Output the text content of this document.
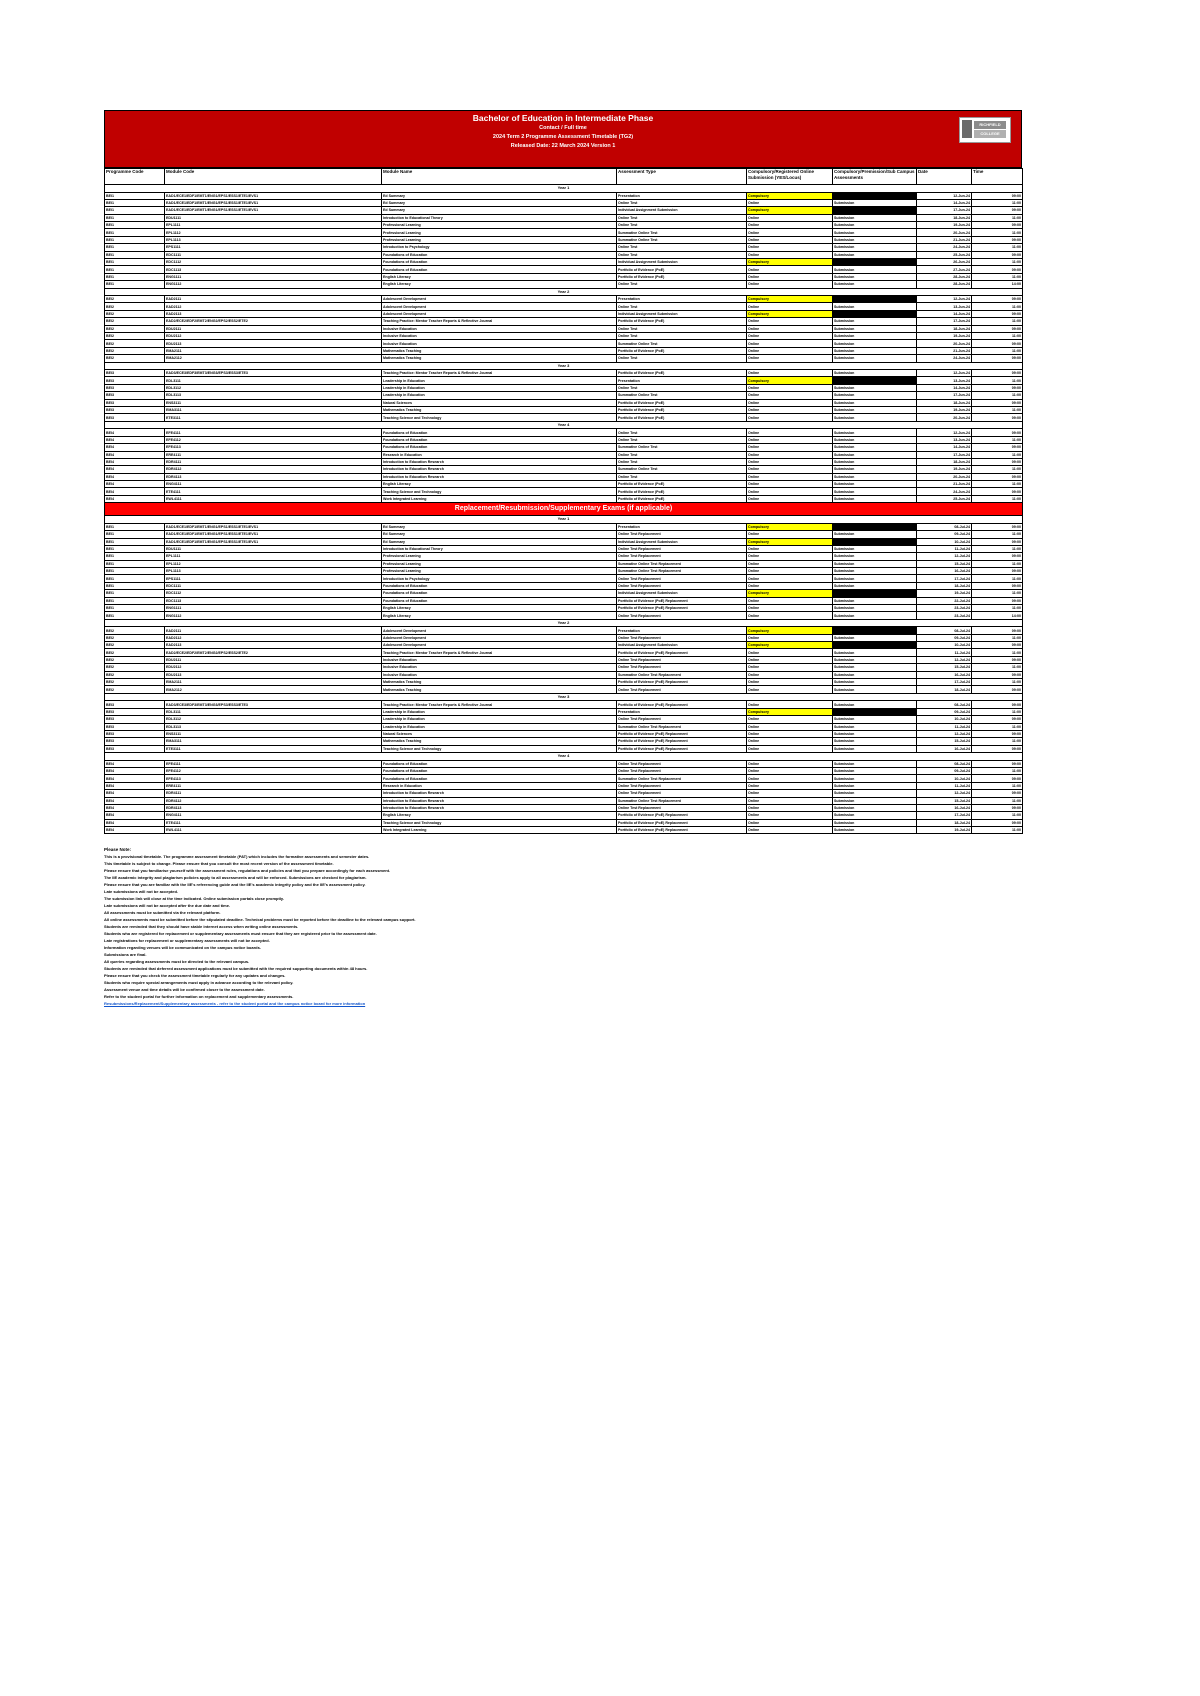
Bachelor of Education in Intermediate Phase
Contact / Full time
2024 Term 2 Programme Assessment Timetable (TG2)
Released Date: 22 March 2024 Version 1
RICHFIELD
COLLEGE
Programme Code	Module Code	Module Name	Assessment Type	Compulsory/Registered Online Submission (YES/Locus)	Compulsory/Premission/Sub Campus Assessments	Date	Time
Year 1							
BEI1	EAD1/ECE1/EDF1/EMT1/ENG1/EPS1/ESS1/ETE1/EVS1	Ed Summary	Presentation	Compulsory		12-Jun-24	09:00
BEI1	EAD1/ECE1/EDF1/EMT1/ENG1/EPS1/ESS1/ETE1/EVS1	Ed Summary	Online Test	Online	Submission	14-Jun-24	11:00
BEI1	EAD1/ECE1/EDF1/EMT1/ENG1/EPS1/ESS1/ETE1/EVS1	Ed Summary	Individual Assignment Submission	Compulsory		17-Jun-24	09:00
BEI1	EDU1111	Introduction to Educational Theory	Online Test	Online	Submission	18-Jun-24	11:00
BEI1	EPL1111	Professional Learning	Online Test	Online	Submission	19-Jun-24	09:00
BEI1	EPL1112	Professional Learning	Summative Online Test	Online	Submission	20-Jun-24	11:00
BEI1	EPL1113	Professional Learning	Summative Online Test	Online	Submission	21-Jun-24	09:00
BEI1	EPS1111	Introduction to Psychology	Online Test	Online	Submission	24-Jun-24	11:00
BEI1	EDC1111	Foundations of Education	Online Test	Online	Submission	25-Jun-24	09:00
BEI1	EDC1112	Foundations of Education	Individual Assignment Submission	Compulsory		26-Jun-24	11:00
BEI1	EDC1113	Foundations of Education	Portfolio of Evidence (PoE)	Online	Submission	27-Jun-24	09:00
BEI1	ENG1111	English Literacy	Portfolio of Evidence (PoE)	Online	Submission	28-Jun-24	11:00
BEI1	ENG1112	English Literacy	Online Test	Online	Submission	28-Jun-24	14:00
Year 2							
BEI2	EAD2111	Adolescent Development	Presentation	Compulsory		12-Jun-24	09:00
BEI2	EAD2112	Adolescent Development	Online Test	Online	Submission	13-Jun-24	11:00
BEI2	EAD2113	Adolescent Development	Individual Assignment Submission	Compulsory		14-Jun-24	09:00
BEI2	EAD2/ECE2/EDF2/EMT2/ENG2/EPS2/ESS2/ETE2	Teaching Practice: Mentor Teacher Reports & Reflective Journal	Portfolio of Evidence (PoE)	Online	Submission	17-Jun-24	11:00
BEI2	EDU2111	Inclusive Education	Online Test	Online	Submission	18-Jun-24	09:00
BEI2	EDU2112	Inclusive Education	Online Test	Online	Submission	19-Jun-24	11:00
BEI2	EDU2113	Inclusive Education	Summative Online Test	Online	Submission	20-Jun-24	09:00
BEI2	EMA2111	Mathematics Teaching	Portfolio of Evidence (PoE)	Online	Submission	21-Jun-24	11:00
BEI2	EMA2112	Mathematics Teaching	Online Test	Online	Submission	24-Jun-24	09:00
Year 3							
BEI3	EAD3/ECE3/EDF3/EMT3/ENG3/EPS3/ESS3/ETE3	Teaching Practice: Mentor Teacher Reports & Reflective Journal	Portfolio of Evidence (PoE)	Online	Submission	12-Jun-24	09:00
BEI3	EDL3111	Leadership in Education	Presentation	Compulsory		13-Jun-24	11:00
BEI3	EDL3112	Leadership in Education	Online Test	Online	Submission	14-Jun-24	09:00
BEI3	EDL3113	Leadership in Education	Summative Online Test	Online	Submission	17-Jun-24	11:00
BEI3	ENS3111	Natural Sciences	Portfolio of Evidence (PoE)	Online	Submission	18-Jun-24	09:00
BEI3	EMA3111	Mathematics Teaching	Portfolio of Evidence (PoE)	Online	Submission	19-Jun-24	11:00
BEI3	ETE3111	Teaching Science and Technology	Portfolio of Evidence (PoE)	Online	Submission	20-Jun-24	09:00
Year 4							
BEI4	EFE4111	Foundations of Education	Online Test	Online	Submission	12-Jun-24	09:00
BEI4	EFE4112	Foundations of Education	Online Test	Online	Submission	13-Jun-24	11:00
BEI4	EFE4113	Foundations of Education	Summative Online Test	Online	Submission	14-Jun-24	09:00
BEI4	ERE4111	Research in Education	Online Test	Online	Submission	17-Jun-24	11:00
BEI4	EDR4111	Introduction to Education Research	Online Test	Online	Submission	18-Jun-24	09:00
BEI4	EDR4112	Introduction to Education Research	Summative Online Test	Online	Submission	19-Jun-24	11:00
BEI4	EDR4113	Introduction to Education Research	Online Test	Online	Submission	20-Jun-24	09:00
BEI4	ENG4111	English Literacy	Portfolio of Evidence (PoE)	Online	Submission	21-Jun-24	11:00
BEI4	ETE4111	Teaching Science and Technology	Portfolio of Evidence (PoE)	Online	Submission	24-Jun-24	09:00
BEI4	EWL4111	Work Integrated Learning	Portfolio of Evidence (PoE)	Online	Submission	25-Jun-24	11:00
Replacement/Resubmission/Supplementary Exams (if applicable)							
Year 1							
BEI1	EAD1/ECE1/EDF1/EMT1/ENG1/EPS1/ESS1/ETE1/EVS1	Ed Summary	Presentation	Compulsory		08-Jul-24	09:00
BEI1	EAD1/ECE1/EDF1/EMT1/ENG1/EPS1/ESS1/ETE1/EVS1	Ed Summary	Online Test Replacement	Online	Submission	09-Jul-24	11:00
BEI1	EAD1/ECE1/EDF1/EMT1/ENG1/EPS1/ESS1/ETE1/EVS1	Ed Summary	Individual Assignment Submission	Compulsory		10-Jul-24	09:00
BEI1	EDU1111	Introduction to Educational Theory	Online Test Replacement	Online	Submission	11-Jul-24	11:00
BEI1	EPL1111	Professional Learning	Online Test Replacement	Online	Submission	12-Jul-24	09:00
BEI1	EPL1112	Professional Learning	Summative Online Test Replacement	Online	Submission	15-Jul-24	11:00
BEI1	EPL1113	Professional Learning	Summative Online Test Replacement	Online	Submission	16-Jul-24	09:00
BEI1	EPS1111	Introduction to Psychology	Online Test Replacement	Online	Submission	17-Jul-24	11:00
BEI1	EDC1111	Foundations of Education	Online Test Replacement	Online	Submission	18-Jul-24	09:00
BEI1	EDC1112	Foundations of Education	Individual Assignment Submission	Compulsory		19-Jul-24	11:00
BEI1	EDC1113	Foundations of Education	Portfolio of Evidence (PoE) Replacement	Online	Submission	22-Jul-24	09:00
BEI1	ENG1111	English Literacy	Portfolio of Evidence (PoE) Replacement	Online	Submission	23-Jul-24	11:00
BEI1	ENG1112	English Literacy	Online Test Replacement	Online	Submission	23-Jul-24	14:00
Year 2							
BEI2	EAD2111	Adolescent Development	Presentation	Compulsory		08-Jul-24	09:00
BEI2	EAD2112	Adolescent Development	Online Test Replacement	Online	Submission	09-Jul-24	11:00
BEI2	EAD2113	Adolescent Development	Individual Assignment Submission	Compulsory		10-Jul-24	09:00
BEI2	EAD2/ECE2/EDF2/EMT2/ENG2/EPS2/ESS2/ETE2	Teaching Practice: Mentor Teacher Reports & Reflective Journal	Portfolio of Evidence (PoE) Replacement	Online	Submission	11-Jul-24	11:00
BEI2	EDU2111	Inclusive Education	Online Test Replacement	Online	Submission	12-Jul-24	09:00
BEI2	EDU2112	Inclusive Education	Online Test Replacement	Online	Submission	15-Jul-24	11:00
BEI2	EDU2113	Inclusive Education	Summative Online Test Replacement	Online	Submission	16-Jul-24	09:00
BEI2	EMA2111	Mathematics Teaching	Portfolio of Evidence (PoE) Replacement	Online	Submission	17-Jul-24	11:00
BEI2	EMA2112	Mathematics Teaching	Online Test Replacement	Online	Submission	18-Jul-24	09:00
Year 3							
BEI3	EAD3/ECE3/EDF3/EMT3/ENG3/EPS3/ESS3/ETE3	Teaching Practice: Mentor Teacher Reports & Reflective Journal	Portfolio of Evidence (PoE) Replacement	Online	Submission	08-Jul-24	09:00
BEI3	EDL3111	Leadership in Education	Presentation	Compulsory		09-Jul-24	11:00
BEI3	EDL3112	Leadership in Education	Online Test Replacement	Online	Submission	10-Jul-24	09:00
BEI3	EDL3113	Leadership in Education	Summative Online Test Replacement	Online	Submission	11-Jul-24	11:00
BEI3	ENS3111	Natural Sciences	Portfolio of Evidence (PoE) Replacement	Online	Submission	12-Jul-24	09:00
BEI3	EMA3111	Mathematics Teaching	Portfolio of Evidence (PoE) Replacement	Online	Submission	15-Jul-24	11:00
BEI3	ETE3111	Teaching Science and Technology	Portfolio of Evidence (PoE) Replacement	Online	Submission	16-Jul-24	09:00
Year 4							
BEI4	EFE4111	Foundations of Education	Online Test Replacement	Online	Submission	08-Jul-24	09:00
BEI4	EFE4112	Foundations of Education	Online Test Replacement	Online	Submission	09-Jul-24	11:00
BEI4	EFE4113	Foundations of Education	Summative Online Test Replacement	Online	Submission	10-Jul-24	09:00
BEI4	ERE4111	Research in Education	Online Test Replacement	Online	Submission	11-Jul-24	11:00
BEI4	EDR4111	Introduction to Education Research	Online Test Replacement	Online	Submission	12-Jul-24	09:00
BEI4	EDR4112	Introduction to Education Research	Summative Online Test Replacement	Online	Submission	15-Jul-24	11:00
BEI4	EDR4113	Introduction to Education Research	Online Test Replacement	Online	Submission	16-Jul-24	09:00
BEI4	ENG4111	English Literacy	Portfolio of Evidence (PoE) Replacement	Online	Submission	17-Jul-24	11:00
BEI4	ETE4111	Teaching Science and Technology	Portfolio of Evidence (PoE) Replacement	Online	Submission	18-Jul-24	09:00
BEI4	EWL4111	Work Integrated Learning	Portfolio of Evidence (PoE) Replacement	Online	Submission	19-Jul-24	11:00

Please Note:

This is a provisional timetable. The programme assessment timetable (PAT) which includes the formative assessments and semester dates.

This timetable is subject to change. Please ensure that you consult the most recent version of the assessment timetable.

Please ensure that you familiarise yourself with the assessment rules, regulations and policies and that you prepare accordingly for each assessment.

The IIE academic integrity and plagiarism policies apply to all assessments and will be enforced. Submissions are checked for plagiarism.

Please ensure that you are familiar with the IIE's referencing guide and the IIE's academic integrity policy and the IIE's assessment policy.

Late submissions will not be accepted.

The submission link will close at the time indicated. Online submission portals close promptly.

Late submissions will not be accepted after the due date and time.

All assessments must be submitted via the relevant platform.

All online assessments must be submitted before the stipulated deadline. Technical problems must be reported before the deadline to the relevant campus support.

Students are reminded that they should have stable internet access when writing online assessments.

Students who are registered for replacement or supplementary assessments must ensure that they are registered prior to the assessment date.

Late registrations for replacement or supplementary assessments will not be accepted.

Information regarding venues will be communicated on the campus notice boards.

Submissions are final.

All queries regarding assessments must be directed to the relevant campus.

Students are reminded that deferred assessment applications must be submitted with the required supporting documents within 48 hours.

Please ensure that you check the assessment timetable regularly for any updates and changes.

Students who require special arrangements must apply in advance according to the relevant policy.

Assessment venue and time details will be confirmed closer to the assessment date.

Refer to the student portal for further information on replacement and supplementary assessments.

Resubmissions/Replacement/Supplementary assessments - refer to the student portal and the campus notice board for more information
